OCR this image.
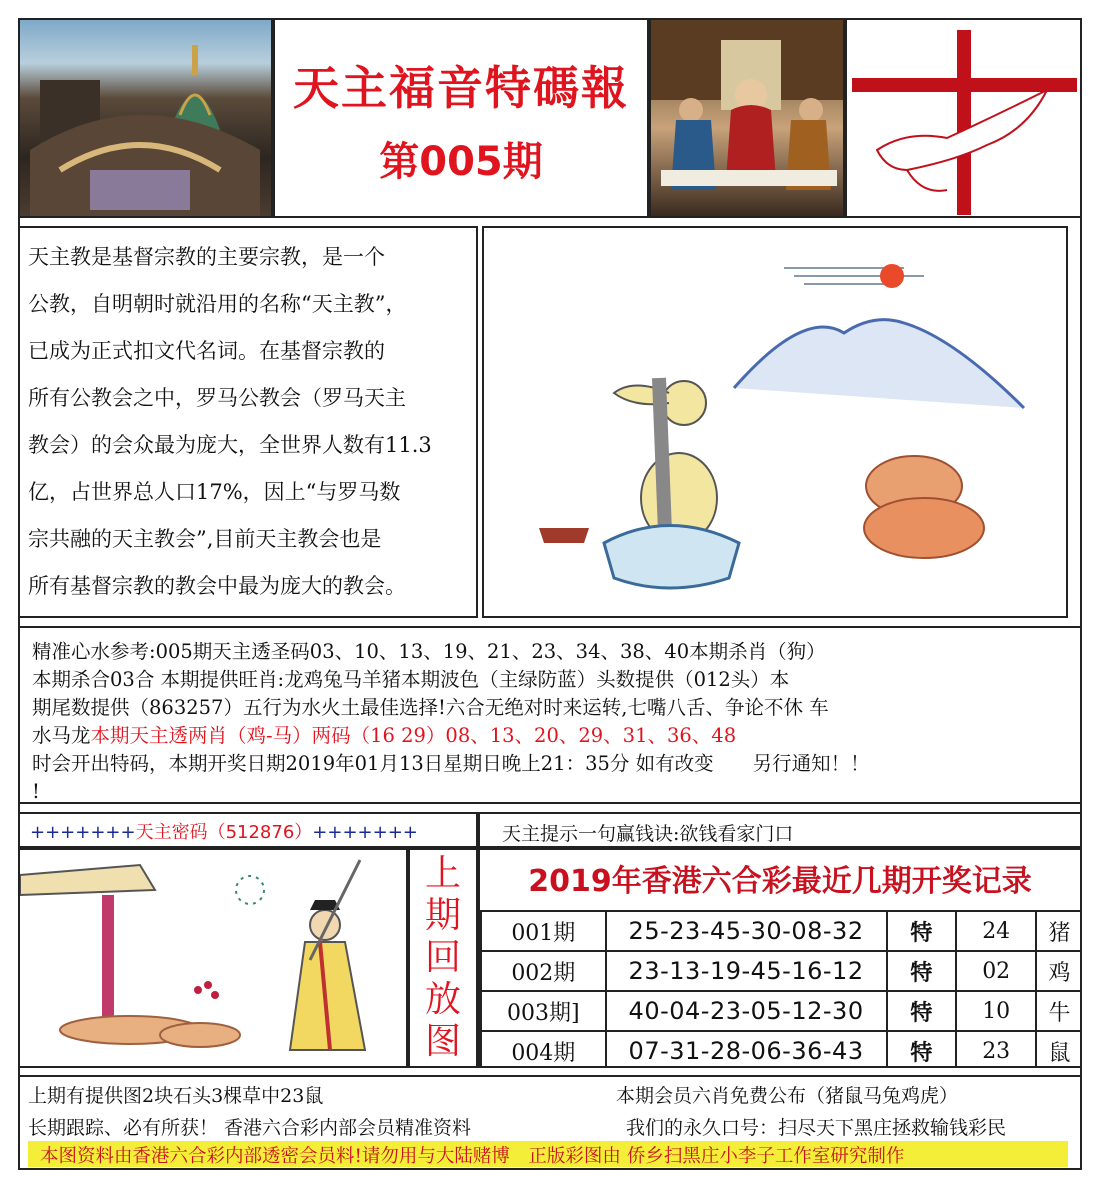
天主福音特碼報
第005期

天主教是基督宗教的主要宗教，是一个

公教，自明朝时就沿用的名称“天主教”，

已成为正式扣文代名词。在基督宗教的

所有公教会之中，罗马公教会（罗马天主

教会）的会众最为庞大，全世界人数有11.3

亿，占世界总人口17%，因上“与罗马数

宗共融的天主教会”,目前天主教会也是

所有基督宗教的教会中最为庞大的教会。

精准心水参考:005期天主透圣码03、10、13、19、21、23、34、38、40本期杀肖（狗）

本期杀合03合 本期提供旺肖:龙鸡兔马羊猪本期波色（主绿防蓝）头数提供（012头）本

期尾数提供（863257）五行为水火土最佳选择!六合无绝对时来运转,七嘴八舌、争论不休 车

水马龙本期天主透两肖（鸡-马）两码（16 29）08、13、20、29、31、36、48

时会开出特码，本期开奖日期2019年01月13日星期日晚上21：35分 如有改变　　另行通知！！

!

+++++++天主密码（512876）+++++++	天主提示一句赢钱诀:欲钱看家门口
上
期
回
放
图
2019年香港六合彩最近几期开奖记录
001期	25-23-45-30-08-32	特	24	猪
002期	23-13-19-45-16-12	特	02	鸡
003期]	40-04-23-05-12-30	特	10	牛
004期	07-31-28-06-36-43	特	23	鼠
上期有提供图2块石头3棵草中23鼠	本期会员六肖免费公布（猪鼠马兔鸡虎）
长期跟踪、必有所获！ 香港六合彩内部会员精准资料	我们的永久口号：扫尽天下黑庄拯救输钱彩民
本图资料由香港六合彩内部透密会员料!请勿用与大陆赌博　正版彩图由 侨乡扫黑庄小李子工作室研究制作
